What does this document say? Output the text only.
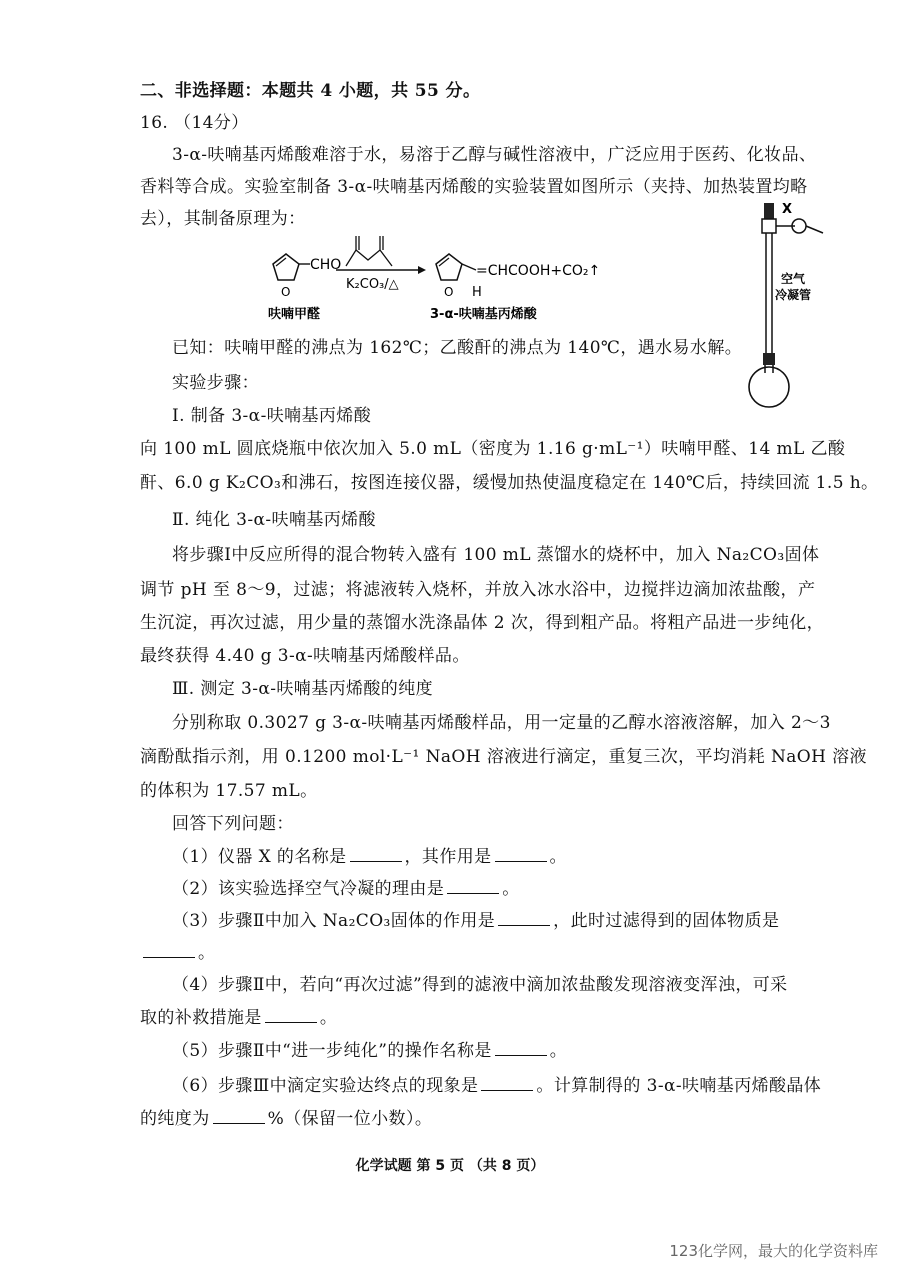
二、非选择题：本题共 4 小题，共 55 分。
16. （14分）
3-α-呋喃基丙烯酸难溶于水，易溶于乙醇与碱性溶液中，广泛应用于医药、化妆品、
香料等合成。实验室制备 3-α-呋喃基丙烯酸的实验装置如图所示（夹持、加热装置均略
去），其制备原理为：
O
CHO
K₂CO₃/△	O
=CHCOOH+CO₂↑
H
呋喃甲醛	3-α-呋喃基丙烯酸
X
空气
冷凝管
已知：呋喃甲醛的沸点为 162℃；乙酸酐的沸点为 140℃，遇水易水解。
实验步骤：
Ⅰ. 制备 3-α-呋喃基丙烯酸
向 100 mL 圆底烧瓶中依次加入 5.0 mL（密度为 1.16 g·mL⁻¹）呋喃甲醛、14 mL 乙酸
酐、6.0 g K₂CO₃和沸石，按图连接仪器，缓慢加热使温度稳定在 140℃后，持续回流 1.5 h。
Ⅱ. 纯化 3-α-呋喃基丙烯酸
将步骤Ⅰ中反应所得的混合物转入盛有 100 mL 蒸馏水的烧杯中，加入 Na₂CO₃固体
调节 pH 至 8～9，过滤；将滤液转入烧杯，并放入冰水浴中，边搅拌边滴加浓盐酸，产
生沉淀，再次过滤，用少量的蒸馏水洗涤晶体 2 次，得到粗产品。将粗产品进一步纯化，
最终获得 4.40 g 3-α-呋喃基丙烯酸样品。
Ⅲ. 测定 3-α-呋喃基丙烯酸的纯度
分别称取 0.3027 g 3-α-呋喃基丙烯酸样品，用一定量的乙醇水溶液溶解，加入 2～3
滴酚酞指示剂，用 0.1200 mol·L⁻¹ NaOH 溶液进行滴定，重复三次，平均消耗 NaOH 溶液
的体积为 17.57 mL。
回答下列问题：
（1）仪器 X 的名称是	，其作用是	。
（2）该实验选择空气冷凝的理由是	。
（3）步骤Ⅱ中加入 Na₂CO₃固体的作用是	，此时过滤得到的固体物质是
。
（4）步骤Ⅱ中，若向“再次过滤”得到的滤液中滴加浓盐酸发现溶液变浑浊，可采
取的补救措施是	。
（5）步骤Ⅱ中“进一步纯化”的操作名称是	。
（6）步骤Ⅲ中滴定实验达终点的现象是	。计算制得的 3-α-呋喃基丙烯酸晶体
的纯度为	%（保留一位小数）。
化学试题 第 5 页 （共 8 页）
123化学网，最大的化学资料库
